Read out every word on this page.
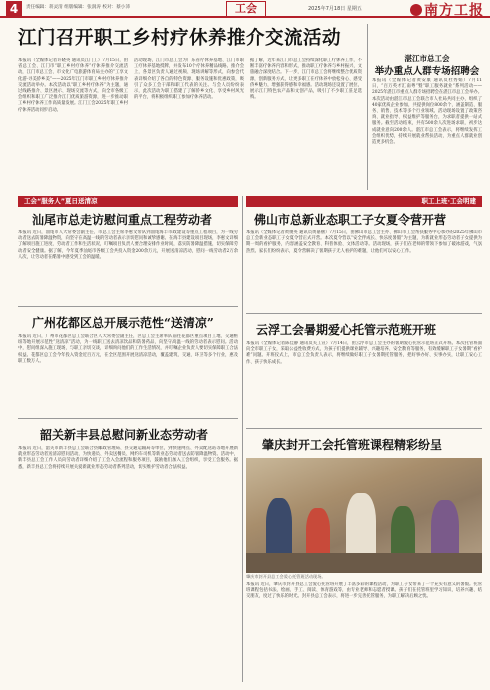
4	责任编辑：蒋灵清 组版编辑：张润涛 校对：蔡小沛	工会	2025年7月18日 星期五	南方工报
江门召开职工乡村疗休养推介交流活动
本报讯（全媒体记者许晓英 通讯员江门工）7月15日，由省总工会、江门市“职工乡村疗休养”疗休养推介交流活动，江门市总工会、市文化广电旅游体育局主办的“工享文化游·寻美侨乡美”——2025年江门市职工乡村疗休养推介交流活动举办。本次活动以“职工乡村疗休养”为主题，通过线路推介、景区展示、现场交流等方式，向全市各级工会组织和职工广泛推介江门优质旅游资源，进一步推动职工乡村疗休养工作高质量发展。江门工会2025年职工乡村疗休养活动同步启动。
活动现场，江门市总工会为广东省疗休养基地、江门市职工疗休养基地授牌，并发布10个疗休养精品线路。推介会上，各景区负责人通过视频、现场讲解等形式，向参会代表详细介绍了各自的特色资源、服务设施和优惠政策，吸引了众多工会干部和职工代表的关注。与会人员纷纷表示，此次活动为职工搭建了了解侨乡文化、享受乡村风光的平台，将积极组织职工参加疗休养活动。
据了解，近年来江门市总工会持续深化职工疗休养工作，不断丰富疗休养内容和形式，推动职工疗休养与乡村振兴、文旅融合深度结合。下一步，江门市总工会将继续整合优质资源，创新服务方式，让更多职工在疗休养中放松身心、感受侨乡魅力，增强获得感和幸福感。活动现场还设置了展位，展示江门特色农产品和文创产品，吸引了不少职工驻足选购。
湛江市总工会
举办重点人群专场招聘会
本报讯（全媒体记者黄安康 通讯员杜秀娟）7月11日，“百万英才汇南粤”暨“职工服务就业”系列活动——2025年湛江市重点人群专场招聘会在湛江市总工会举办。本次活动由湛江市总工会联合市人社局共同主办，组织了40家优质企业参加，共提供岗位800余个，涵盖制造、服务、销售、技术等多个行业领域。活动现场设置了政策咨询、就业指导、权益维护等服务台，为求职者提供一站式服务。截至活动结束，共有500余人次进场求职，初步达成就业意向200余人。湛江市总工会表示，将继续发挥工会组织优势，持续开展就业帮扶活动，为重点人群就业创造更多机会。
工会“服务人”夏日送清凉	职工上班·工会明建
汕尾市总走访慰问重点工程劳动者
本报讯 近日，汕尾市人大常委会副主任、市总工会主席李惠文带队到汕尾海丰市政建设等重点工程项目，为一线劳动者送去防暑降温物资，向坚守在高温一线的劳动者表示亲切慰问和诚挚感谢。在海丰县建设项目现场，李惠文详细了解项目施工进度、劳动者工作和生活状况，叮嘱项目负责人要合理安排作业时间，落实防暑降温措施，切实保障劳动者安全健康。据了解，今年夏季汕尾市各级工会共投入资金200余万元，开展送清凉活动，慰问一线劳动者2万余人次，让劳动者在酷暑中感受到工会的温暖。
广州花都区总开展示范性“送清凉”
本报讯 近日，广州市花都区总工会联合区人大常委会副主任，区总工会主席率队前往花都区重点项目工地、交通枢纽等地开展示范性“送清凉”活动，为一线职工送去清凉饮品和防暑药品，向坚守高温一线的劳动者表示慰问。活动中，慰问组深入施工现场，与职工亲切交谈，详细询问他们的工作生活情况，并叮嘱企业负责人要切实保障职工合法权益。花都区总工会今年投入资金近百万元，在全区范围开展送清凉活动，覆盖建筑、交通、环卫等多个行业，惠及职工数万人。
韶关新丰县总慰问新业态劳动者
本报讯 近日，韶关市新丰县总工会联合县邮政管理局、县交通运输局等单位，到快递网点、外卖配送站等地开展新就业形态劳动者送清凉慰问活动，为快递员、外卖送餐员、网约车司机等新业态劳动者送去防暑降温物资。活动中，新丰县总工会工作人员向劳动者详细介绍了工会入会流程和服务项目，鼓励他们加入工会组织，享受工会服务。据悉，新丰县总工会将持续开展关爱新就业形态劳动者系列活动，切实维护劳动者合法权益。
佛山市总新业态职工子女夏令营开营
本报讯（全媒体记者黄俊英 通讯员黄嘉丽）7月15日，由佛山市总工会主办、佛山市工会帮扶服务中心承办的2025年佛山市总工会新业态职工子女夏令营正式开营。本次夏令营以“安全伴成长、快乐度暑假”为主题，为新就业形态劳动者子女提供为期一周的看护服务，内容涵盖安全教育、科普体验、文体活动等。活动现场，孩子们在老师的带领下参加了破冰游戏，气氛热烈。家长们纷纷表示，夏令营解决了暑期孩子无人看护的难题，让他们可以安心工作。
云浮工会暑期爱心托管示范班开班
本报讯（全媒体记者陈佳静 通讯员关工宣）7月14日，由云浮市总工会主办的暑期爱心托管示范班正式开班。本次托管班面向全市职工子女，采取公益性收费方式，为孩子们提供课业辅导、兴趣培养、安全教育等服务，有效缓解职工子女暑期“看护难”问题。开班仪式上，市总工会负责人表示，将继续做好职工子女暑期托管服务，把好事办好、实事办实，让职工安心工作、孩子快乐成长。
肇庆封开工会托管班课程精彩纷呈
肇庆市封开县总工会爱心托管班活动现场。
本报讯 近日，肇庆市封开县总工会爱心托管班开展了丰富多彩的课程活动，为职工子女带来了一个充实有意义的暑假。托管班课程包括书法、绘画、手工、阅读、体育游戏等，由专业老师和志愿者授课。孩子们在托管班里学习知识、培养兴趣、结交朋友，度过了快乐的时光。封开县总工会表示，将进一步完善托管服务，为职工解决后顾之忧。
